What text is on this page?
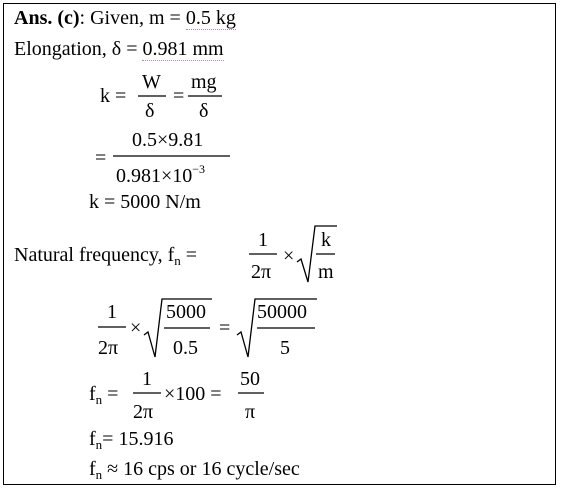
Ans. (c): Given, m = 0.5 kg
Elongation, δ = 0.981 mm
k =
W
δ
=
mg
δ
=
0.5×9.81
$0.981\times 10^{-3}$
k = 5000 N/m
Natural frequency, $f_n$ =
1
2π
×
k
m
1
2π
×
5000
0.5
=
50000
5
$f_n$ =
1
2π
×100 =
50
π
$f_n= 15.916$
$f_n \approx 16$ cps or 16 cycle/sec
